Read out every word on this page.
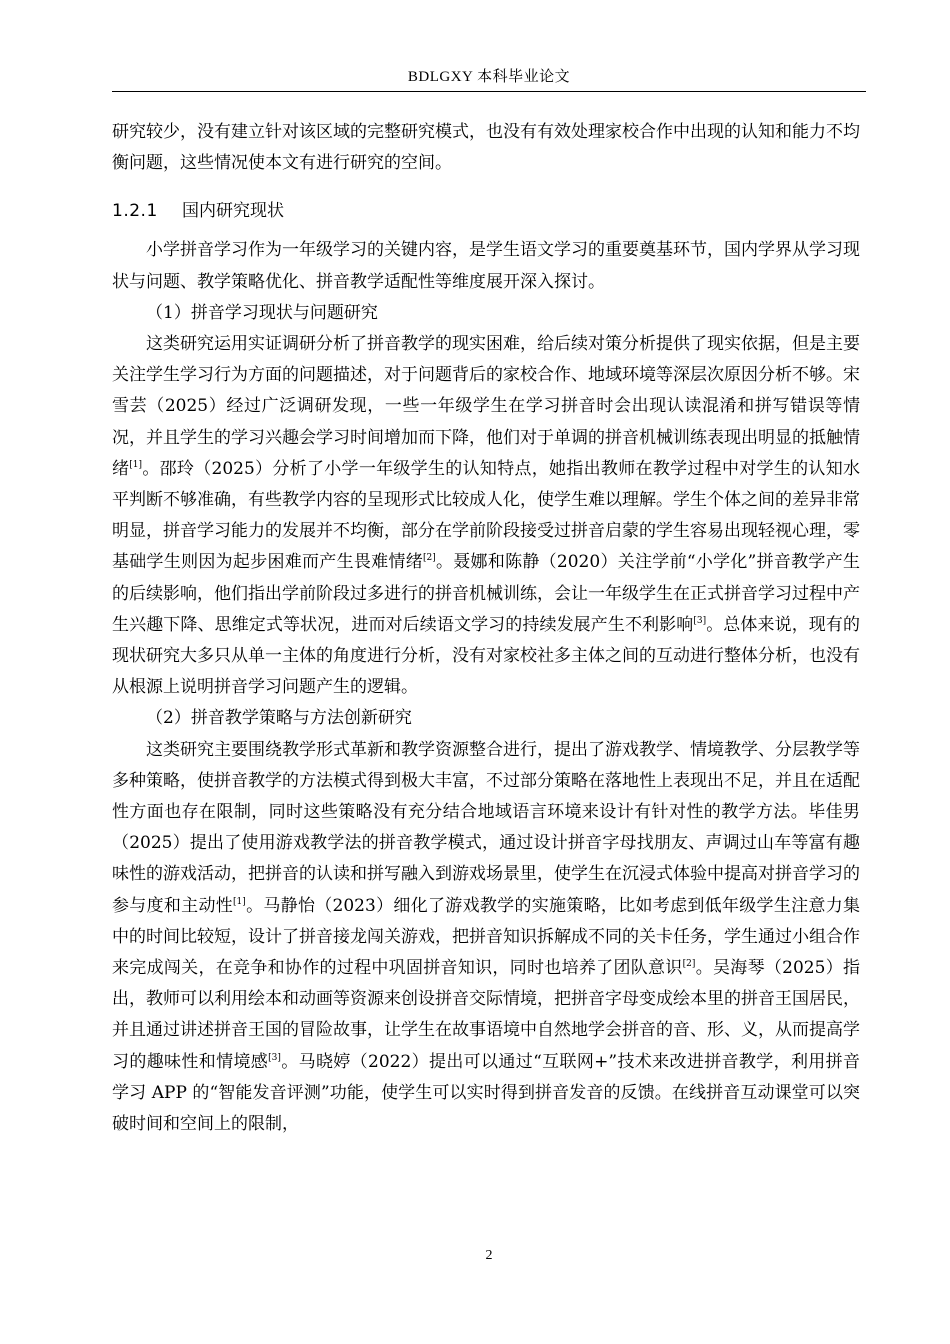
BDLGXY 本科毕业论文

研究较少，没有建立针对该区域的完整研究模式，也没有有效处理家校合作中出现的认知和能力不均衡问题，这些情况使本文有进行研究的空间。

1.2.1 国内研究现状

小学拼音学习作为一年级学习的关键内容，是学生语文学习的重要奠基环节，国内学界从学习现状与问题、教学策略优化、拼音教学适配性等维度展开深入探讨。

（1）拼音学习现状与问题研究

这类研究运用实证调研分析了拼音教学的现实困难，给后续对策分析提供了现实依据，但是主要关注学生学习行为方面的问题描述，对于问题背后的家校合作、地域环境等深层次原因分析不够。宋雪芸（2025）经过广泛调研发现，一些一年级学生在学习拼音时会出现认读混淆和拼写错误等情况，并且学生的学习兴趣会学习时间增加而下降，他们对于单调的拼音机械训练表现出明显的抵触情绪[1]。邵玲（2025）分析了小学一年级学生的认知特点，她指出教师在教学过程中对学生的认知水平判断不够准确，有些教学内容的呈现形式比较成人化，使学生难以理解。学生个体之间的差异非常明显，拼音学习能力的发展并不均衡，部分在学前阶段接受过拼音启蒙的学生容易出现轻视心理，零基础学生则因为起步困难而产生畏难情绪[2]。聂娜和陈静（2020）关注学前“小学化”拼音教学产生的后续影响，他们指出学前阶段过多进行的拼音机械训练，会让一年级学生在正式拼音学习过程中产生兴趣下降、思维定式等状况，进而对后续语文学习的持续发展产生不利影响[3]。总体来说，现有的现状研究大多只从单一主体的角度进行分析，没有对家校社多主体之间的互动进行整体分析，也没有从根源上说明拼音学习问题产生的逻辑。

（2）拼音教学策略与方法创新研究

这类研究主要围绕教学形式革新和教学资源整合进行，提出了游戏教学、情境教学、分层教学等多种策略，使拼音教学的方法模式得到极大丰富，不过部分策略在落地性上表现出不足，并且在适配性方面也存在限制，同时这些策略没有充分结合地域语言环境来设计有针对性的教学方法。毕佳男（2025）提出了使用游戏教学法的拼音教学模式，通过设计拼音字母找朋友、声调过山车等富有趣味性的游戏活动，把拼音的认读和拼写融入到游戏场景里，使学生在沉浸式体验中提高对拼音学习的参与度和主动性[1]。马静怡（2023）细化了游戏教学的实施策略，比如考虑到低年级学生注意力集中的时间比较短，设计了拼音接龙闯关游戏，把拼音知识拆解成不同的关卡任务，学生通过小组合作来完成闯关，在竞争和协作的过程中巩固拼音知识，同时也培养了团队意识[2]。吴海琴（2025）指出，教师可以利用绘本和动画等资源来创设拼音交际情境，把拼音字母变成绘本里的拼音王国居民，并且通过讲述拼音王国的冒险故事，让学生在故事语境中自然地学会拼音的音、形、义，从而提高学习的趣味性和情境感[3]。马晓婷（2022）提出可以通过“互联网+”技术来改进拼音教学，利用拼音学习 APP 的“智能发音评测”功能，使学生可以实时得到拼音发音的反馈。在线拼音互动课堂可以突破时间和空间上的限制，

2
